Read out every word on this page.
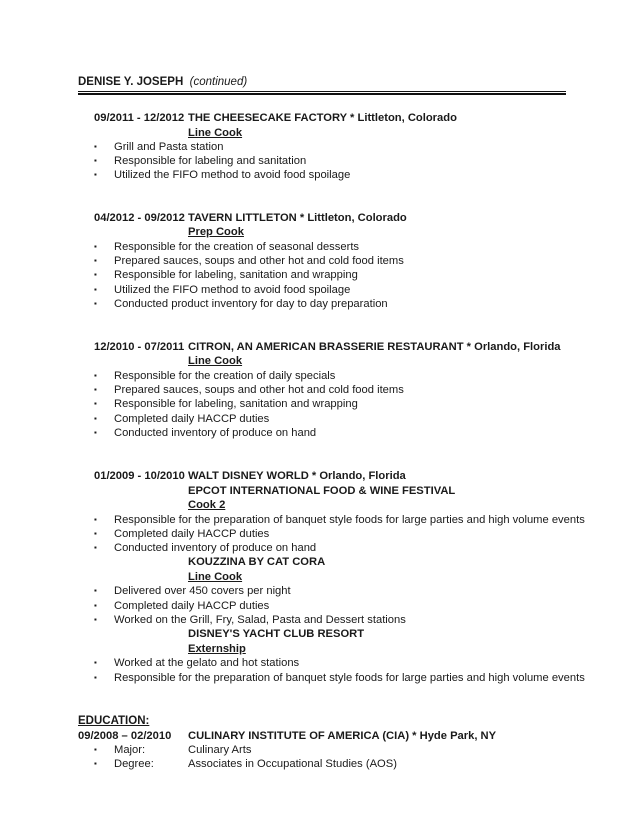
DENISE Y. JOSEPH (continued)
09/2011 - 12/2012 THE CHEESECAKE FACTORY * Littleton, Colorado
Line Cook
▪ Grill and Pasta station
▪ Responsible for labeling and sanitation
▪ Utilized the FIFO method to avoid food spoilage
04/2012 - 09/2012 TAVERN LITTLETON * Littleton, Colorado
Prep Cook
▪ Responsible for the creation of seasonal desserts
▪ Prepared sauces, soups and other hot and cold food items
▪ Responsible for labeling, sanitation and wrapping
▪ Utilized the FIFO method to avoid food spoilage
▪ Conducted product inventory for day to day preparation
12/2010 - 07/2011 CITRON, AN AMERICAN BRASSERIE RESTAURANT * Orlando, Florida
Line Cook
▪ Responsible for the creation of daily specials
▪ Prepared sauces, soups and other hot and cold food items
▪ Responsible for labeling, sanitation and wrapping
▪ Completed daily HACCP duties
▪ Conducted inventory of produce on hand
01/2009 - 10/2010 WALT DISNEY WORLD * Orlando, Florida
EPCOT INTERNATIONAL FOOD & WINE FESTIVAL
Cook 2
▪ Responsible for the preparation of banquet style foods for large parties and high volume events
▪ Completed daily HACCP duties
▪ Conducted inventory of produce on hand
KOUZZINA BY CAT CORA
Line Cook
▪ Delivered over 450 covers per night
▪ Completed daily HACCP duties
▪ Worked on the Grill, Fry, Salad, Pasta and Dessert stations
DISNEY'S YACHT CLUB RESORT
Externship
▪ Worked at the gelato and hot stations
▪ Responsible for the preparation of banquet style foods for large parties and high volume events
EDUCATION:
09/2008 – 02/2010 CULINARY INSTITUTE OF AMERICA (CIA) * Hyde Park, NY
▪ Major:	Culinary Arts
▪ Degree:	Associates in Occupational Studies (AOS)
